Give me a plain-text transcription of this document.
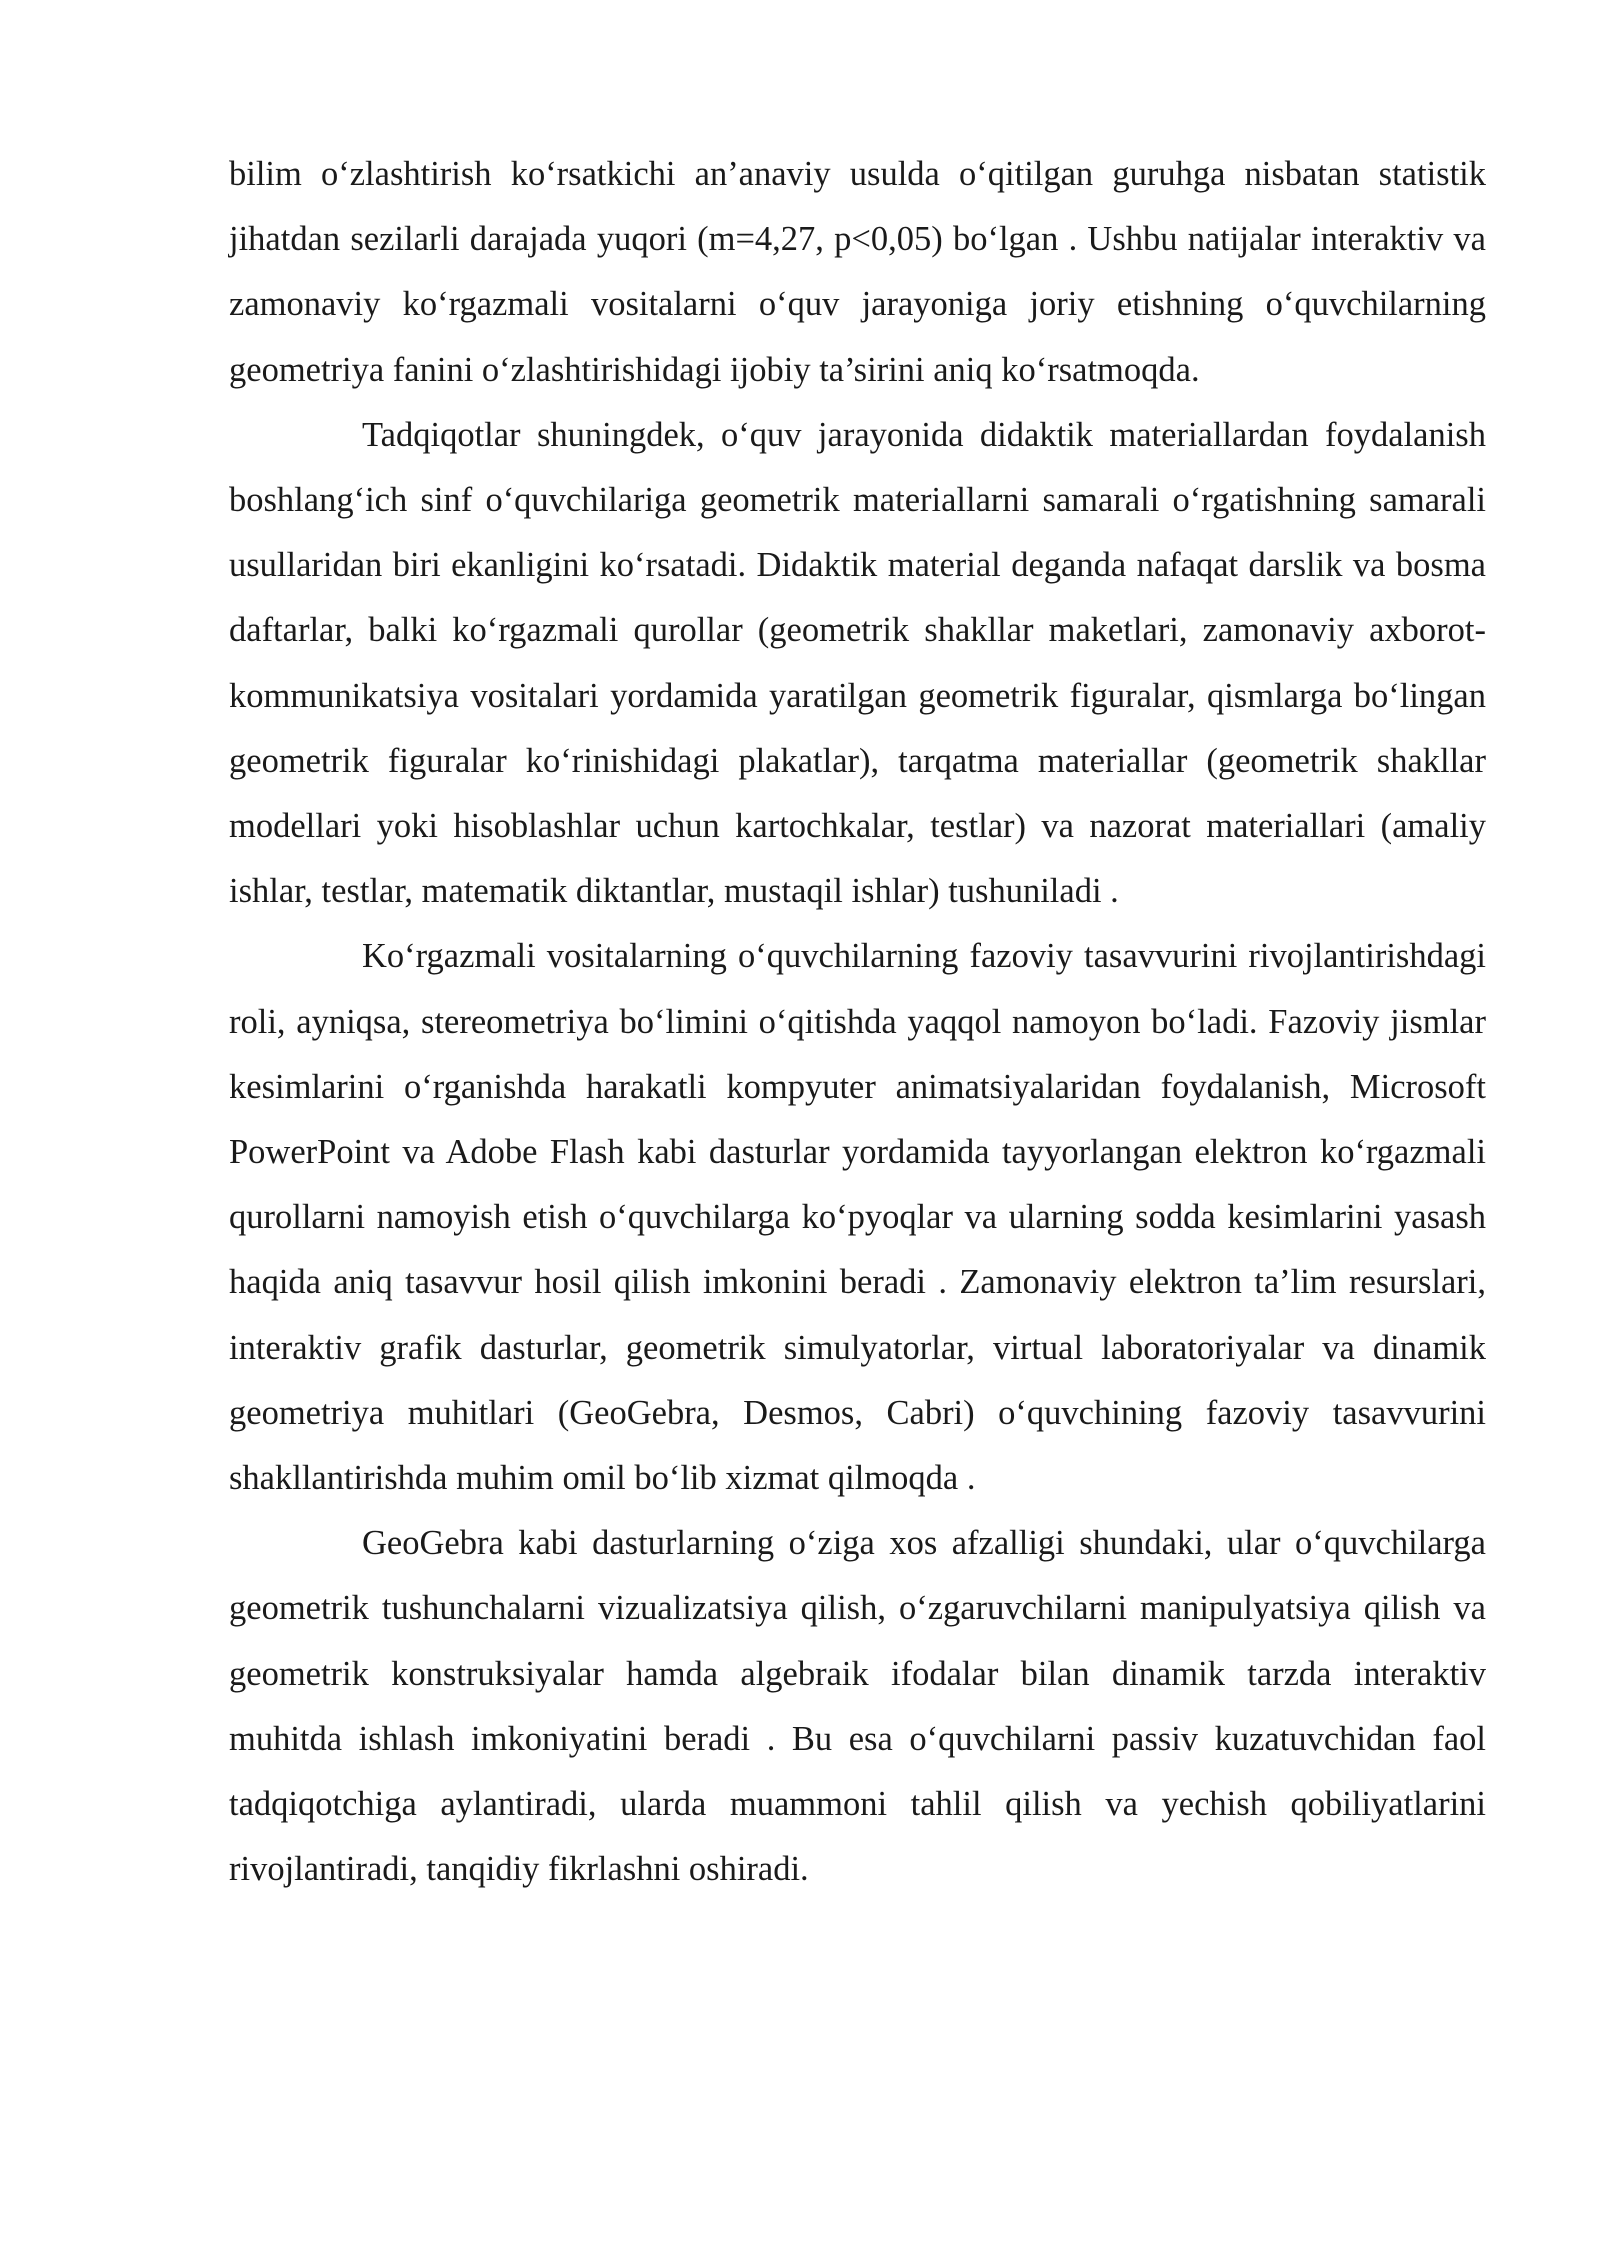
bilim o‘zlashtirish ko‘rsatkichi an’anaviy usulda o‘qitilgan guruhga nisbatan statistik jihatdan sezilarli darajada yuqori (m=4,27, p<0,05) bo‘lgan . Ushbu natijalar interaktiv va zamonaviy ko‘rgazmali vositalarni o‘quv jarayoniga joriy etishning o‘quvchilarning geometriya fanini o‘zlashtirishidagi ijobiy ta’sirini aniq ko‘rsatmoqda.

Tadqiqotlar shuningdek, o‘quv jarayonida didaktik materiallardan foydalanish boshlang‘ich sinf o‘quvchilariga geometrik materiallarni samarali o‘rgatishning samarali usullaridan biri ekanligini ko‘rsatadi. Didaktik material deganda nafaqat darslik va bosma daftarlar, balki ko‘rgazmali qurollar (geometrik shakllar maketlari, zamonaviy axborot-kommunikatsiya vositalari yordamida yaratilgan geometrik figuralar, qismlarga bo‘lingan geometrik figuralar ko‘rinishidagi plakatlar), tarqatma materiallar (geometrik shakllar modellari yoki hisoblashlar uchun kartochkalar, testlar) va nazorat materiallari (amaliy ishlar, testlar, matematik diktantlar, mustaqil ishlar) tushuniladi .

Ko‘rgazmali vositalarning o‘quvchilarning fazoviy tasavvurini rivojlantirishdagi roli, ayniqsa, stereometriya bo‘limini o‘qitishda yaqqol namoyon bo‘ladi. Fazoviy jismlar kesimlarini o‘rganishda harakatli kompyuter animatsiyalaridan foydalanish, Microsoft PowerPoint va Adobe Flash kabi dasturlar yordamida tayyorlangan elektron ko‘rgazmali qurollarni namoyish etish o‘quvchilarga ko‘pyoqlar va ularning sodda kesimlarini yasash haqida aniq tasavvur hosil qilish imkonini beradi . Zamonaviy elektron ta’lim resurslari, interaktiv grafik dasturlar, geometrik simulyatorlar, virtual laboratoriyalar va dinamik geometriya muhitlari (GeoGebra, Desmos, Cabri) o‘quvchining fazoviy tasavvurini shakllantirishda muhim omil bo‘lib xizmat qilmoqda .

GeoGebra kabi dasturlarning o‘ziga xos afzalligi shundaki, ular o‘quvchilarga geometrik tushunchalarni vizualizatsiya qilish, o‘zgaruvchilarni manipulyatsiya qilish va geometrik konstruksiyalar hamda algebraik ifodalar bilan dinamik tarzda interaktiv muhitda ishlash imkoniyatini beradi . Bu esa o‘quvchilarni passiv kuzatuvchidan faol tadqiqotchiga aylantiradi, ularda muammoni tahlil qilish va yechish qobiliyatlarini rivojlantiradi, tanqidiy fikrlashni oshiradi.
